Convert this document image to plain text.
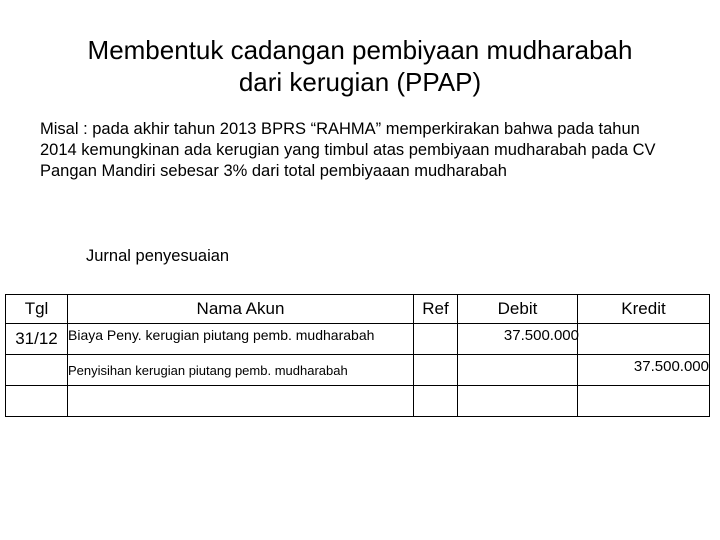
Membentuk cadangan pembiyaan mudharabah
dari kerugian (PPAP)

Misal : pada akhir tahun 2013 BPRS “RAHMA” memperkirakan bahwa pada tahun 2014 kemungkinan ada kerugian yang timbul atas pembiyaan mudharabah pada CV Pangan Mandiri sebesar 3% dari total pembiyaaan mudharabah

Jurnal penyesuaian
Tgl	Nama Akun	Ref	Debit	Kredit
31/12	Biaya Peny. kerugian piutang pemb. mudharabah		37.500.000	
	Penyisihan kerugian piutang pemb. mudharabah			37.500.000
